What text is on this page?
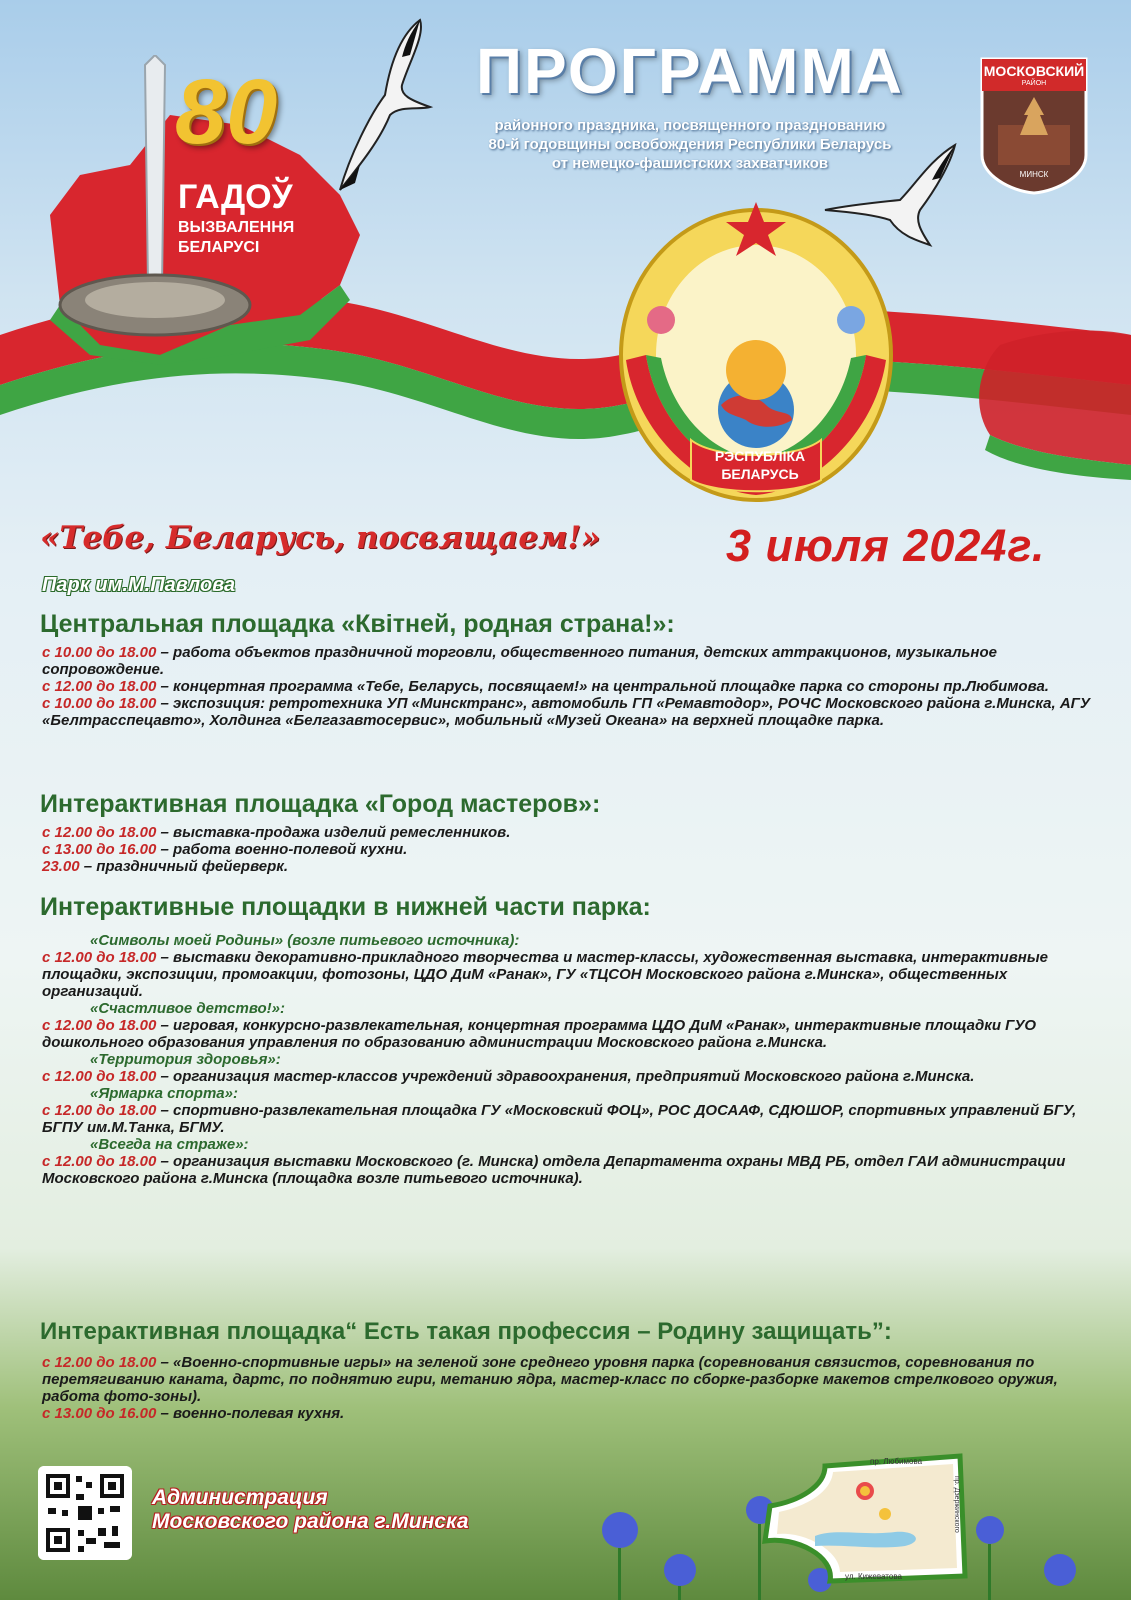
80
ГАДОЎ
ВЫЗВАЛЕННЯ
БЕЛАРУСІ
ПРОГРАММА
районного праздника, посвященного празднованию
80-й годовщины освобождения Республики Беларусь
от немецко-фашистских захватчиков
МОСКОВСКИЙ
РАЙОН
МИНСК
РЭСПУБЛІКА
БЕЛАРУСЬ
«Тебе, Беларусь, посвящаем!»	3 июля 2024г.
Парк им.М.Павлова
Центральная площадка «Квітней, родная страна!»:

с 10.00 до 18.00 – работа объектов праздничной торговли, общественного питания, детских аттракционов, музыкальное сопровождение.

с 12.00 до 18.00 – концертная программа «Тебе, Беларусь, посвящаем!» на центральной площадке парка со стороны пр.Любимова.

с 10.00 до 18.00 – экспозиция: ретротехника УП «Минсктранс», автомобиль ГП «Ремавтодор», РОЧС Московского района г.Минска, АГУ «Белтрасспецавто», Холдинга «Белгазавтосервис», мобильный «Музей Океана» на верхней площадке парка.

Интерактивная площадка «Город мастеров»:

с 12.00 до 18.00 – выставка-продажа изделий ремесленников.

с 13.00 до 16.00 – работа военно-полевой кухни.

23.00 – праздничный фейерверк.

Интерактивные площадки в нижней части парка:

«Символы моей Родины» (возле питьевого источника):

с 12.00 до 18.00 – выставки декоративно-прикладного творчества и мастер-классы, художественная выставка, интерактивные площадки, экспозиции, промоакции, фотозоны, ЦДО ДиМ «Ранак», ГУ «ТЦСОН Московского района г.Минска», общественных организаций.

«Счастливое детство!»:

с 12.00 до 18.00 – игровая, конкурсно-развлекательная, концертная программа ЦДО ДиМ «Ранак», интерактивные площадки ГУО дошкольного образования управления по образованию администрации Московского района г.Минска.

«Территория здоровья»:

с 12.00 до 18.00 – организация мастер-классов учреждений здравоохранения, предприятий Московского района г.Минска.

«Ярмарка спорта»:

с 12.00 до 18.00 – спортивно-развлекательная площадка ГУ «Московский ФОЦ», РОС ДОСААФ, СДЮШОР, спортивных управлений БГУ, БГПУ им.М.Танка, БГМУ.

«Всегда на страже»:

с 12.00 до 18.00 – организация выставки Московского (г. Минска) отдела Департамента охраны МВД РБ, отдел ГАИ администрации Московского района г.Минска (площадка возле питьевого источника).

Интерактивная площадка“ Есть такая профессия – Родину защищать”:

с 12.00 до 18.00 – «Военно-спортивные игры» на зеленой зоне среднего уровня парка (соревнования связистов, соревнования по перетягиванию каната, дартс, по поднятию гири, метанию ядра, мастер-класс по сборке-разборке макетов стрелкового оружия, работа фото-зоны).

с 13.00 до 16.00 – военно-полевая кухня.

Администрация
Московского района г.Минска
пр. Любимова
ул. Кижеватова
пр. Дзержинского
